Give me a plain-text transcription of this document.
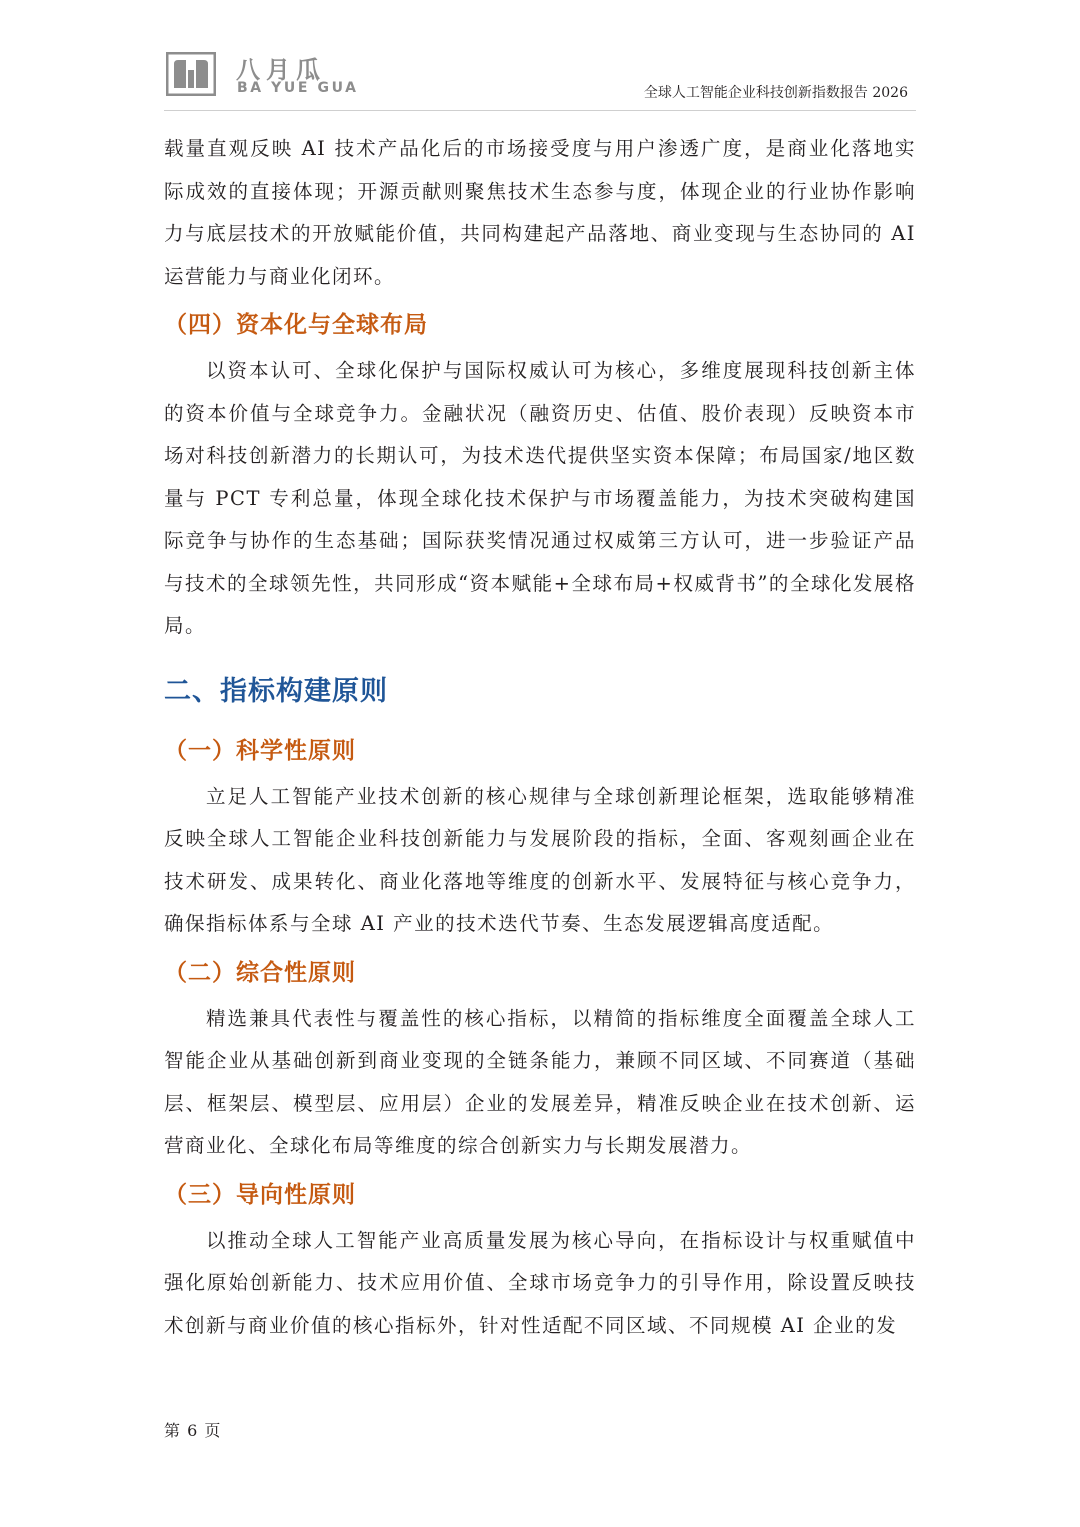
八月瓜
BA YUE GUA	全球人工智能企业科技创新指数报告 2026

载量直观反映 AI 技术产品化后的市场接受度与用户渗透广度，是商业化落地实际成效的直接体现；开源贡献则聚焦技术生态参与度，体现企业的行业协作影响力与底层技术的开放赋能价值，共同构建起产品落地、商业变现与生态协同的 AI 运营能力与商业化闭环。

（四）资本化与全球布局

以资本认可、全球化保护与国际权威认可为核心，多维度展现科技创新主体的资本价值与全球竞争力。金融状况（融资历史、估值、股价表现）反映资本市场对科技创新潜力的长期认可，为技术迭代提供坚实资本保障；布局国家/地区数量与 PCT 专利总量，体现全球化技术保护与市场覆盖能力，为技术突破构建国际竞争与协作的生态基础；国际获奖情况通过权威第三方认可，进一步验证产品与技术的全球领先性，共同形成“资本赋能+全球布局+权威背书”的全球化发展格局。

二、指标构建原则
（一）科学性原则

立足人工智能产业技术创新的核心规律与全球创新理论框架，选取能够精准反映全球人工智能企业科技创新能力与发展阶段的指标，全面、客观刻画企业在技术研发、成果转化、商业化落地等维度的创新水平、发展特征与核心竞争力，确保指标体系与全球 AI 产业的技术迭代节奏、生态发展逻辑高度适配。

（二）综合性原则

精选兼具代表性与覆盖性的核心指标，以精简的指标维度全面覆盖全球人工智能企业从基础创新到商业变现的全链条能力，兼顾不同区域、不同赛道（基础层、框架层、模型层、应用层）企业的发展差异，精准反映企业在技术创新、运营商业化、全球化布局等维度的综合创新实力与长期发展潜力。

（三）导向性原则

以推动全球人工智能产业高质量发展为核心导向，在指标设计与权重赋值中强化原始创新能力、技术应用价值、全球市场竞争力的引导作用，除设置反映技术创新与商业价值的核心指标外，针对性适配不同区域、不同规模 AI 企业的发

第 6 页
